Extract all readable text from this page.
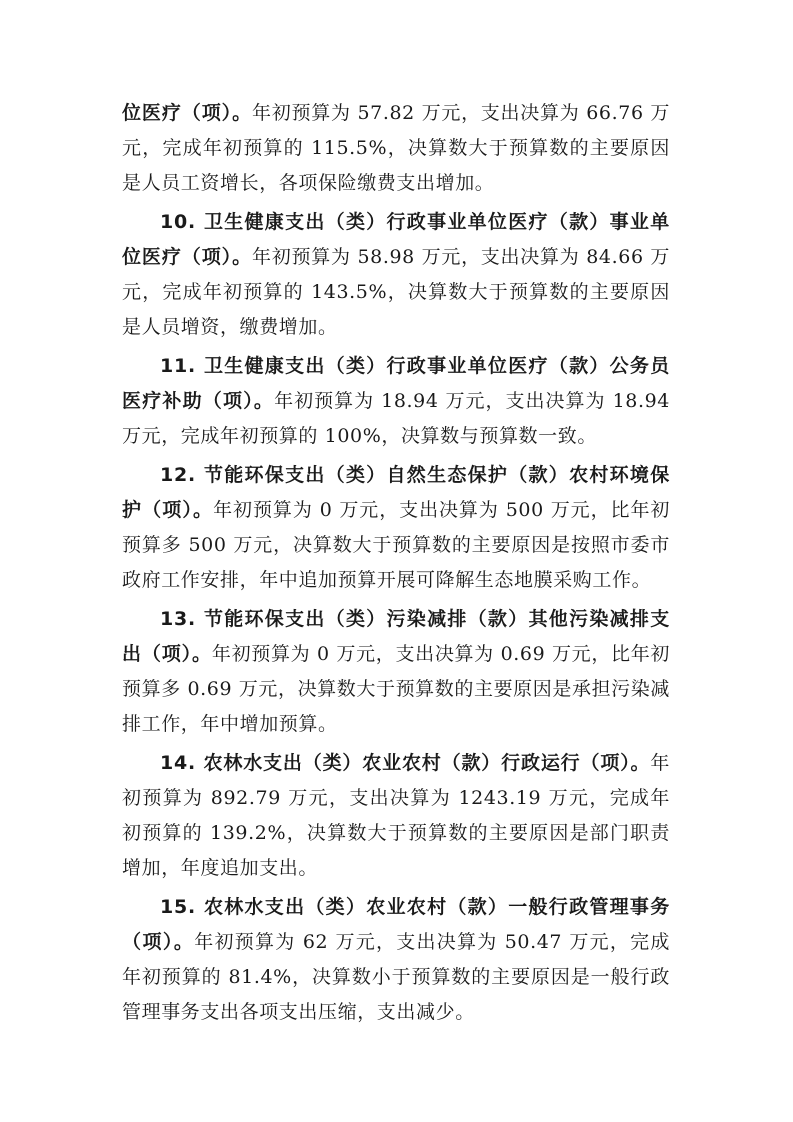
位医疗（项）。年初预算为 57.82 万元，支出决算为 66.76 万元，完成年初预算的 115.5%，决算数大于预算数的主要原因是人员工资增长，各项保险缴费支出增加。

10. 卫生健康支出（类）行政事业单位医疗（款）事业单位医疗（项）。年初预算为 58.98 万元，支出决算为 84.66 万元，完成年初预算的 143.5%，决算数大于预算数的主要原因是人员增资，缴费增加。

11. 卫生健康支出（类）行政事业单位医疗（款）公务员医疗补助（项）。年初预算为 18.94 万元，支出决算为 18.94 万元，完成年初预算的 100%，决算数与预算数一致。

12. 节能环保支出（类）自然生态保护（款）农村环境保护（项）。年初预算为 0 万元，支出决算为 500 万元，比年初预算多 500 万元，决算数大于预算数的主要原因是按照市委市政府工作安排，年中追加预算开展可降解生态地膜采购工作。

13. 节能环保支出（类）污染减排（款）其他污染减排支出（项）。年初预算为 0 万元，支出决算为 0.69 万元，比年初预算多 0.69 万元，决算数大于预算数的主要原因是承担污染减排工作，年中增加预算。

14. 农林水支出（类）农业农村（款）行政运行（项）。年初预算为 892.79 万元，支出决算为 1243.19 万元，完成年初预算的 139.2%，决算数大于预算数的主要原因是部门职责增加，年度追加支出。

15. 农林水支出（类）农业农村（款）一般行政管理事务（项）。年初预算为 62 万元，支出决算为 50.47 万元，完成年初预算的 81.4%，决算数小于预算数的主要原因是一般行政管理事务支出各项支出压缩，支出减少。
